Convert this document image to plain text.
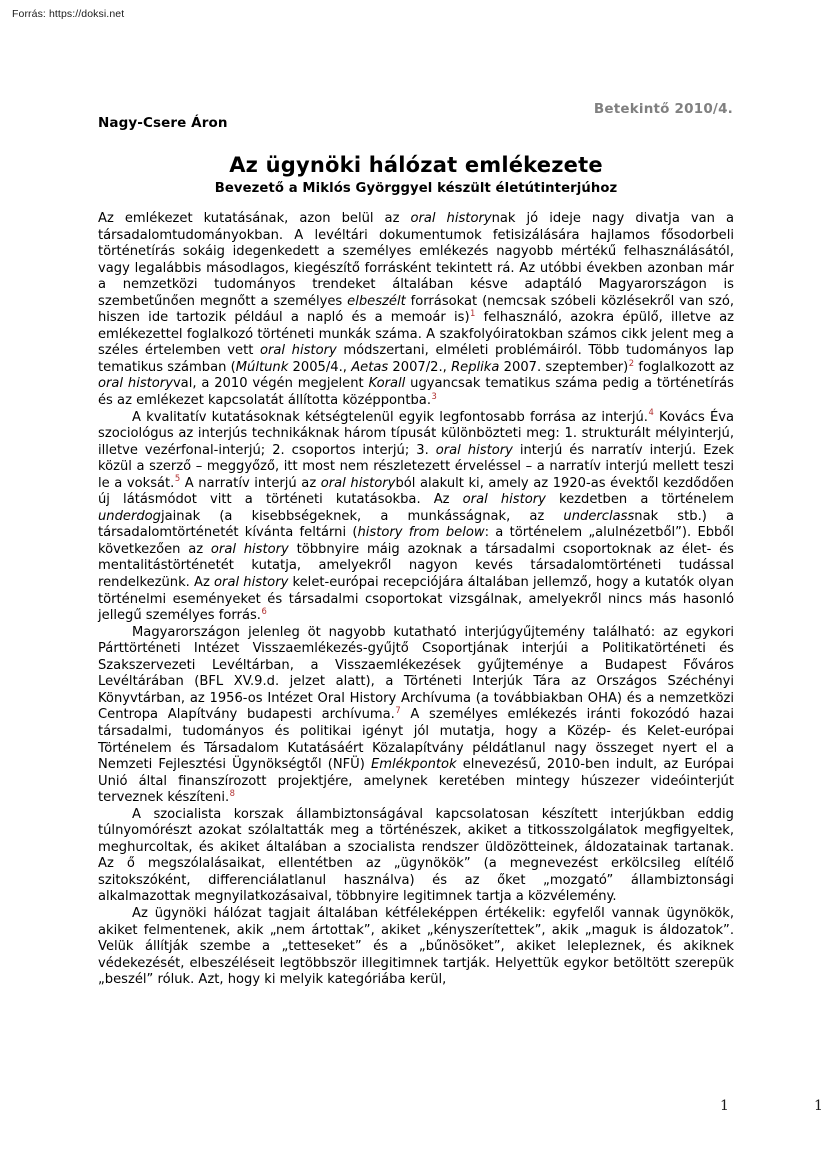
Forrás: https://doksi.net
Betekintő 2010/4.
Nagy-Csere Áron
Az ügynöki hálózat emlékezete
Bevezető a Miklós Györggyel készült életútinterjúhoz

Az emlékezet kutatásának, azon belül az oral historynak jó ideje nagy divatja van a társadalomtudományokban. A levéltári dokumentumok fetisizálására hajlamos fősodorbeli történetírás sokáig idegenkedett a személyes emlékezés nagyobb mértékű felhasználásától, vagy legalábbis másodlagos, kiegészítő forrásként tekintett rá. Az utóbbi években azonban már a nemzetközi tudományos trendeket általában késve adaptáló Magyarországon is szembetűnően megnőtt a személyes elbeszélt forrásokat (nemcsak szóbeli közlésekről van szó, hiszen ide tartozik például a napló és a memoár is)$^1$ felhasználó, azokra épülő, illetve az emlékezettel foglalkozó történeti munkák száma. A szakfolyóiratokban számos cikk jelent meg a széles értelemben vett oral history módszertani, elméleti problémáiról. Több tudományos lap tematikus számban (Múltunk 2005/4., Aetas 2007/2., Replika 2007. szeptember)$^2$ foglalkozott az oral historyval, a 2010 végén megjelent Korall ugyancsak tematikus száma pedig a történetírás és az emlékezet kapcsolatát állította középpontba.$^3$

A kvalitatív kutatásoknak kétségtelenül egyik legfontosabb forrása az interjú.$^4$ Kovács Éva szociológus az interjús technikáknak három típusát különbözteti meg: 1. strukturált mélyinterjú, illetve vezérfonal-interjú; 2. csoportos interjú; 3. oral history interjú és narratív interjú. Ezek közül a szerző – meggyőző, itt most nem részletezett érveléssel – a narratív interjú mellett teszi le a voksát.$^5$ A narratív interjú az oral historyból alakult ki, amely az 1920-as évektől kezdődően új látásmódot vitt a történeti kutatásokba. Az oral history kezdetben a történelem underdogjainak (a kisebbségeknek, a munkásságnak, az underclassnak stb.) a társadalomtörténetét kívánta feltárni (history from below: a történelem „alulnézetből”). Ebből következően az oral history többnyire máig azoknak a társadalmi csoportoknak az élet- és mentalitástörténetét kutatja, amelyekről nagyon kevés társadalomtörténeti tudással rendelkezünk. Az oral history kelet-európai recepciójára általában jellemző, hogy a kutatók olyan történelmi eseményeket és társadalmi csoportokat vizsgálnak, amelyekről nincs más hasonló jellegű személyes forrás.$^6$

Magyarországon jelenleg öt nagyobb kutatható interjúgyűjtemény található: az egykori Párttörténeti Intézet Visszaemlékezés-gyűjtő Csoportjának interjúi a Politikatörténeti és Szakszervezeti Levéltárban, a Visszaemlékezések gyűjteménye a Budapest Főváros Levéltárában (BFL XV.9.d. jelzet alatt), a Történeti Interjúk Tára az Országos Széchényi Könyvtárban, az 1956-os Intézet Oral History Archívuma (a továbbiakban OHA) és a nemzetközi Centropa Alapítvány budapesti archívuma.$^7$ A személyes emlékezés iránti fokozódó hazai társadalmi, tudományos és politikai igényt jól mutatja, hogy a Közép- és Kelet-európai Történelem és Társadalom Kutatásáért Közalapítvány példátlanul nagy összeget nyert el a Nemzeti Fejlesztési Ügynökségtől (NFÜ) Emlékpontok elnevezésű, 2010-ben indult, az Európai Unió által finanszírozott projektjére, amelynek keretében mintegy húszezer videóinterjút terveznek készíteni.$^8$

A szocialista korszak állambiztonságával kapcsolatosan készített interjúkban eddig túlnyomórészt azokat szólaltatták meg a történészek, akiket a titkosszolgálatok megfigyeltek, meghurcoltak, és akiket általában a szocialista rendszer üldözötteinek, áldozatainak tartanak. Az ő megszólalásaikat, ellentétben az „ügynökök” (a megnevezést erkölcsileg elítélő szitokszóként, differenciálatlanul használva) és az őket „mozgató” állambiztonsági alkalmazottak megnyilatkozásaival, többnyire legitimnek tartja a közvélemény.

Az ügynöki hálózat tagjait általában kétféleképpen értékelik: egyfelől vannak ügynökök, akiket felmentenek, akik „nem ártottak”, akiket „kényszerítettek”, akik „maguk is áldozatok”. Velük állítják szembe a „tetteseket” és a „bűnösöket”, akiket lelepleznek, és akiknek védekezését, elbeszéléseit legtöbbször illegitimnek tartják. Helyettük egykor betöltött szerepük „beszél” róluk. Azt, hogy ki melyik kategóriába kerül,

1	1
